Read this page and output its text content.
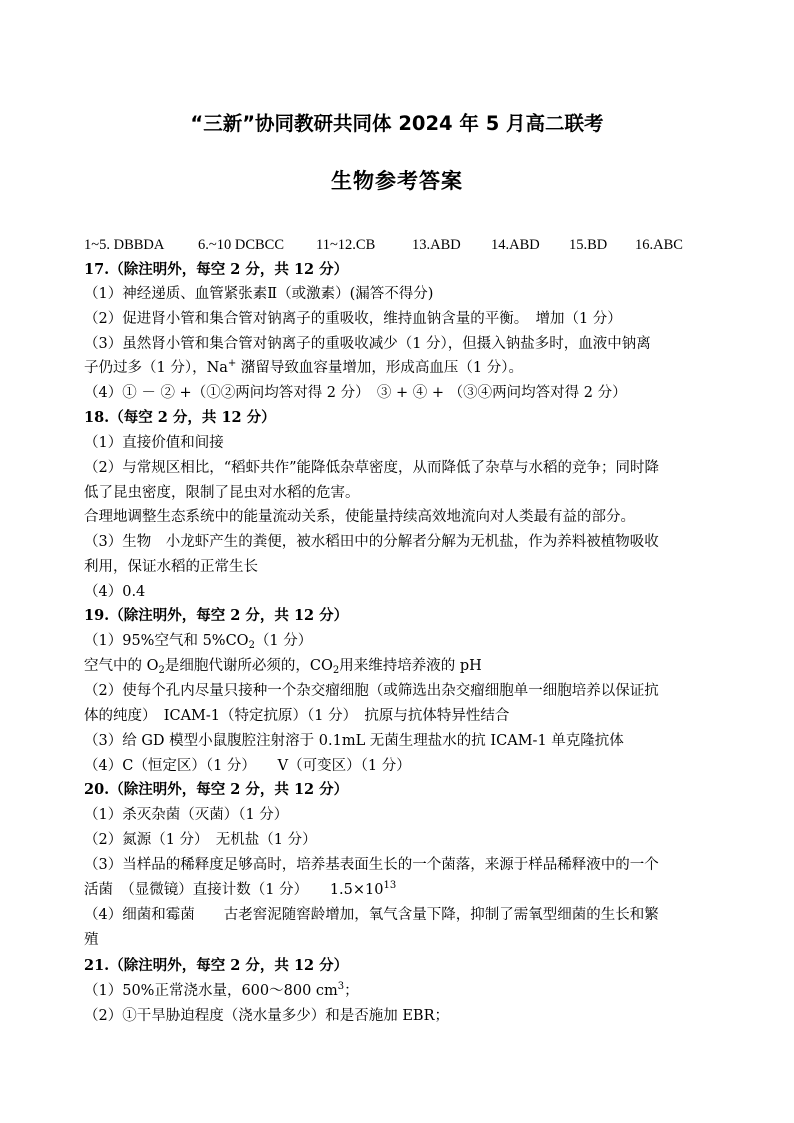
“三新”协同教研共同体 2024 年 5 月高二联考
生物参考答案
1~5. DBBDA 6.~10 DCBCC 11~12.CB	13.ABD 14.ABD 15.BD 16.ABC
17.（除注明外，每空 2 分，共 12 分）
（1）神经递质、血管紧张素Ⅱ（或激素）(漏答不得分)
（2）促进肾小管和集合管对钠离子的重吸收，维持血钠含量的平衡。　增加（1 分）
（3）虽然肾小管和集合管对钠离子的重吸收减少（1 分），但摄入钠盐多时，血液中钠离
子仍过多（1 分），Na+ 潴留导致血容量增加，形成高血压（1 分）。
（4）① － ② +（①②两问均答对得 2 分）　③ + ④ + （③④两问均答对得 2 分）
18.（每空 2 分，共 12 分）
（1）直接价值和间接
（2）与常规区相比，“稻虾共作”能降低杂草密度，从而降低了杂草与水稻的竞争；同时降
低了昆虫密度，限制了昆虫对水稻的危害。
合理地调整生态系统中的能量流动关系，使能量持续高效地流向对人类最有益的部分。
（3）生物　小龙虾产生的粪便，被水稻田中的分解者分解为无机盐，作为养料被植物吸收
利用，保证水稻的正常生长
（4）0.4
19.（除注明外，每空 2 分，共 12 分）
（1）95%空气和 $5\%CO_2(1$ 分）
空气中的 $O_2$是细胞代谢所必须的，$CO_2$用来维持培养液的 pH
（2）使每个孔内尽量只接种一个杂交瘤细胞（或筛选出杂交瘤细胞单一细胞培养以保证抗
体的纯度）　ICAM-1（特定抗原）（1 分）　抗原与抗体特异性结合
（3）给 GD 模型小鼠腹腔注射溶于 0.1mL 无菌生理盐水的抗 ICAM-1 单克隆抗体
（4）C（恒定区）（1 分）　　V（可变区）（1 分）
20.（除注明外，每空 2 分，共 12 分）
（1）杀灭杂菌（灭菌）（1 分）
（2）氮源（1 分）　无机盐（1 分）
（3）当样品的稀释度足够高时，培养基表面生长的一个菌落，来源于样品稀释液中的一个
活菌　（显微镜）直接计数（1 分）　　$1.5\times 10^{13}$
（4）细菌和霉菌　　古老窖泥随窖龄增加，氧气含量下降，抑制了需氧型细菌的生长和繁
殖
21.（除注明外，每空 2 分，共 12 分）
（1）50%正常浇水量，600～800 $cm^3$；
（2）①干旱胁迫程度（浇水量多少）和是否施加 EBR；
